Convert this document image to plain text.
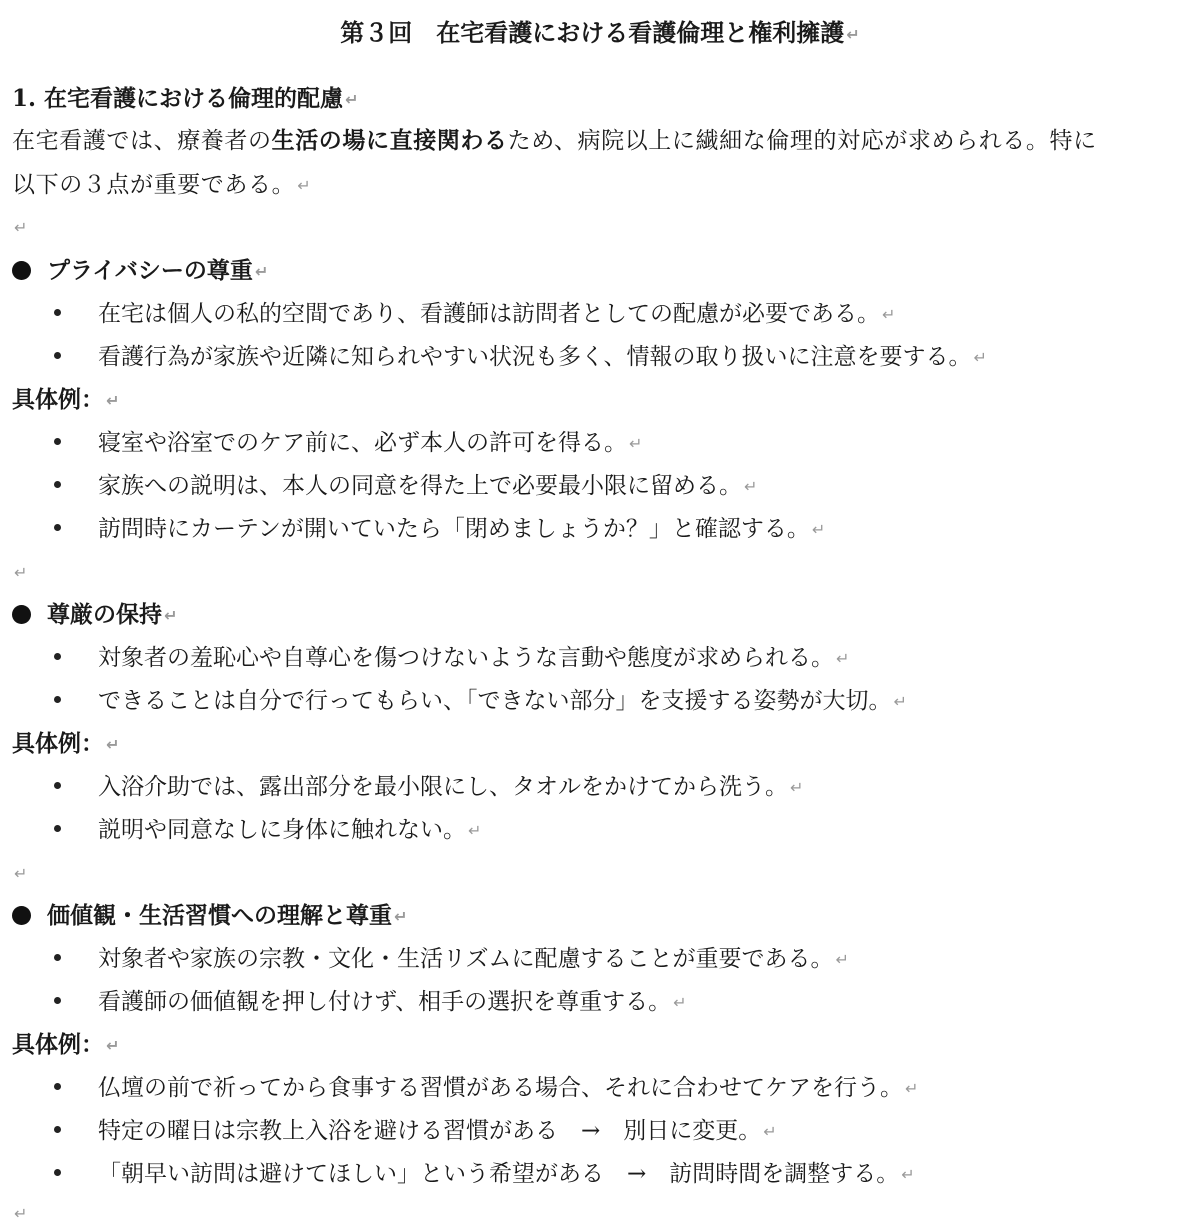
第３回　在宅看護における看護倫理と権利擁護 ↵
1. 在宅看護における倫理的配慮 ↵
在宅看護では、療養者の生活の場に直接関わるため、病院以上に繊細な倫理的対応が求められる。特に
以下の３点が重要である。 ↵
↵
プライバシーの尊重 ↵
在宅は個人の私的空間であり、看護師は訪問者としての配慮が必要である。 ↵
看護行為が家族や近隣に知られやすい状況も多く、情報の取り扱いに注意を要する。 ↵
具体例： ↵
寝室や浴室でのケア前に、必ず本人の許可を得る。 ↵
家族への説明は、本人の同意を得た上で必要最小限に留める。 ↵
訪問時にカーテンが開いていたら「閉めましょうか？」と確認する。 ↵
↵
尊厳の保持 ↵
対象者の羞恥心や自尊心を傷つけないような言動や態度が求められる。 ↵
できることは自分で行ってもらい、「できない部分」を支援する姿勢が大切。 ↵
具体例： ↵
入浴介助では、露出部分を最小限にし、タオルをかけてから洗う。 ↵
説明や同意なしに身体に触れない。 ↵
↵
価値観・生活習慣への理解と尊重 ↵
対象者や家族の宗教・文化・生活リズムに配慮することが重要である。 ↵
看護師の価値観を押し付けず、相手の選択を尊重する。 ↵
具体例： ↵
仏壇の前で祈ってから食事する習慣がある場合、それに合わせてケアを行う。 ↵
特定の曜日は宗教上入浴を避ける習慣がある　→　別日に変更。 ↵
「朝早い訪問は避けてほしい」という希望がある　→　訪問時間を調整する。 ↵
↵
